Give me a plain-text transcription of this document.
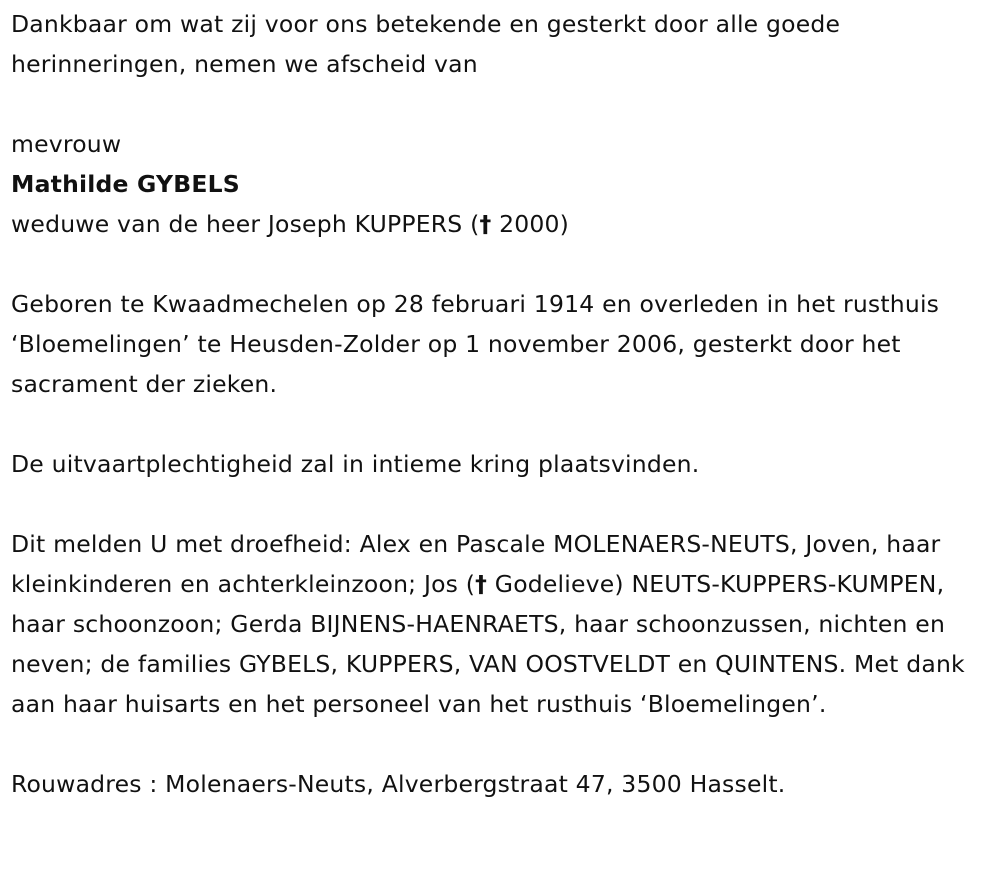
Dankbaar om wat zij voor ons betekende en gesterkt door alle goede herinneringen, nemen we afscheid van

mevrouw

Mathilde GYBELS

weduwe van de heer Joseph KUPPERS († 2000)

Geboren te Kwaadmechelen op 28 februari 1914 en overleden in het rusthuis ‘Bloemelingen’ te Heusden-Zolder op 1 november 2006, gesterkt door het sacrament der zieken.

De uitvaartplechtigheid zal in intieme kring plaatsvinden.

Dit melden U met droefheid: Alex en Pascale MOLENAERS-NEUTS, Joven, haar kleinkinderen en achterkleinzoon; Jos († Godelieve) NEUTS-KUPPERS-KUMPEN, haar schoonzoon; Gerda BIJNENS-HAENRAETS, haar schoonzussen, nichten en neven; de families GYBELS, KUPPERS, VAN OOSTVELDT en QUINTENS. Met dank aan haar huisarts en het personeel van het rusthuis ‘Bloemelingen’.

Rouwadres : Molenaers-Neuts, Alverbergstraat 47, 3500 Hasselt.
